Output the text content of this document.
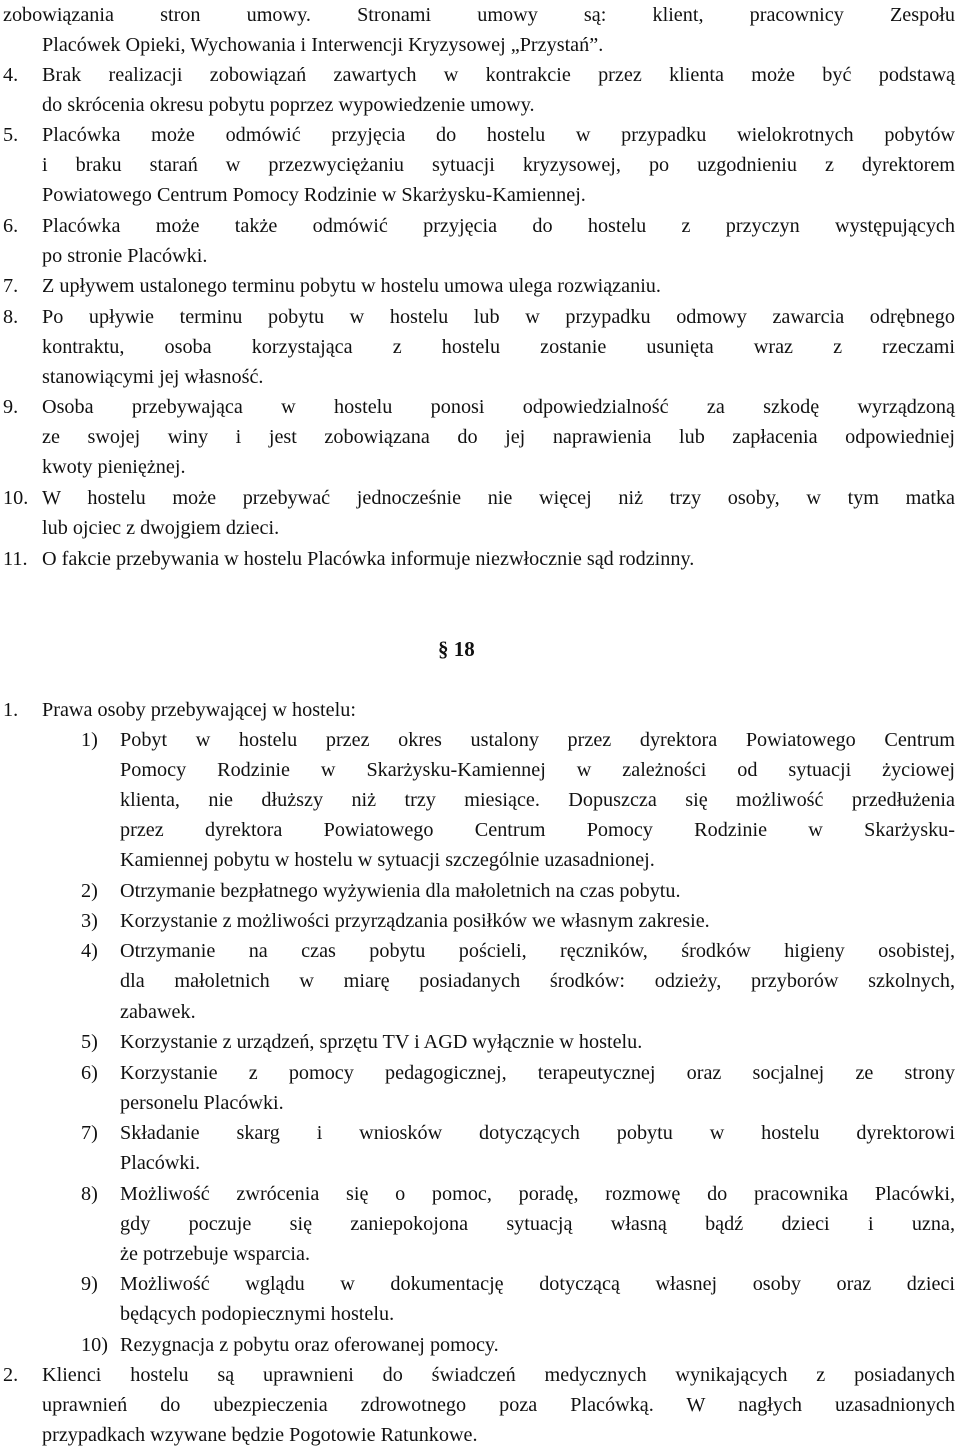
zobowiązania stron umowy. Stronami umowy są: klient, pracownicy Zespołu
Placówek Opieki, Wychowania i Interwencji Kryzysowej „Przystań”.
4. Brak realizacji zobowiązań zawartych w kontrakcie przez klienta może być podstawą
do skrócenia okresu pobytu poprzez wypowiedzenie umowy.
5. Placówka może odmówić przyjęcia do hostelu w przypadku wielokrotnych pobytów
i braku starań w przezwyciężaniu sytuacji kryzysowej, po uzgodnieniu z dyrektorem
Powiatowego Centrum Pomocy Rodzinie w Skarżysku-Kamiennej.
6. Placówka może także odmówić przyjęcia do hostelu z przyczyn występujących
po stronie Placówki.
7. Z upływem ustalonego terminu pobytu w hostelu umowa ulega rozwiązaniu.
8. Po upływie terminu pobytu w hostelu lub w przypadku odmowy zawarcia odrębnego
kontraktu, osoba korzystająca z hostelu zostanie usunięta wraz z rzeczami
stanowiącymi jej własność.
9. Osoba przebywająca w hostelu ponosi odpowiedzialność za szkodę wyrządzoną
ze swojej winy i jest zobowiązana do jej naprawienia lub zapłacenia odpowiedniej
kwoty pieniężnej.
10. W hostelu może przebywać jednocześnie nie więcej niż trzy osoby, w tym matka
lub ojciec z dwojgiem dzieci.
11. O fakcie przebywania w hostelu Placówka informuje niezwłocznie sąd rodzinny.
§ 18
1. Prawa osoby przebywającej w hostelu:
1) Pobyt w hostelu przez okres ustalony przez dyrektora Powiatowego Centrum
Pomocy Rodzinie w Skarżysku-Kamiennej w zależności od sytuacji życiowej
klienta, nie dłuższy niż trzy miesiące. Dopuszcza się możliwość przedłużenia
przez dyrektora Powiatowego Centrum Pomocy Rodzinie w Skarżysku-
Kamiennej pobytu w hostelu w sytuacji szczególnie uzasadnionej.
2) Otrzymanie bezpłatnego wyżywienia dla małoletnich na czas pobytu.
3) Korzystanie z możliwości przyrządzania posiłków we własnym zakresie.
4) Otrzymanie na czas pobytu pościeli, ręczników, środków higieny osobistej,
dla małoletnich w miarę posiadanych środków: odzieży, przyborów szkolnych,
zabawek.
5) Korzystanie z urządzeń, sprzętu TV i AGD wyłącznie w hostelu.
6) Korzystanie z pomocy pedagogicznej, terapeutycznej oraz socjalnej ze strony
personelu Placówki.
7) Składanie skarg i wniosków dotyczących pobytu w hostelu dyrektorowi
Placówki.
8) Możliwość zwrócenia się o pomoc, poradę, rozmowę do pracownika Placówki,
gdy poczuje się zaniepokojona sytuacją własną bądź dzieci i uzna,
że potrzebuje wsparcia.
9) Możliwość wglądu w dokumentację dotyczącą własnej osoby oraz dzieci
będących podopiecznymi hostelu.
10) Rezygnacja z pobytu oraz oferowanej pomocy.
2. Klienci hostelu są uprawnieni do świadczeń medycznych wynikających z posiadanych
uprawnień do ubezpieczenia zdrowotnego poza Placówką. W nagłych uzasadnionych
przypadkach wzywane będzie Pogotowie Ratunkowe.
